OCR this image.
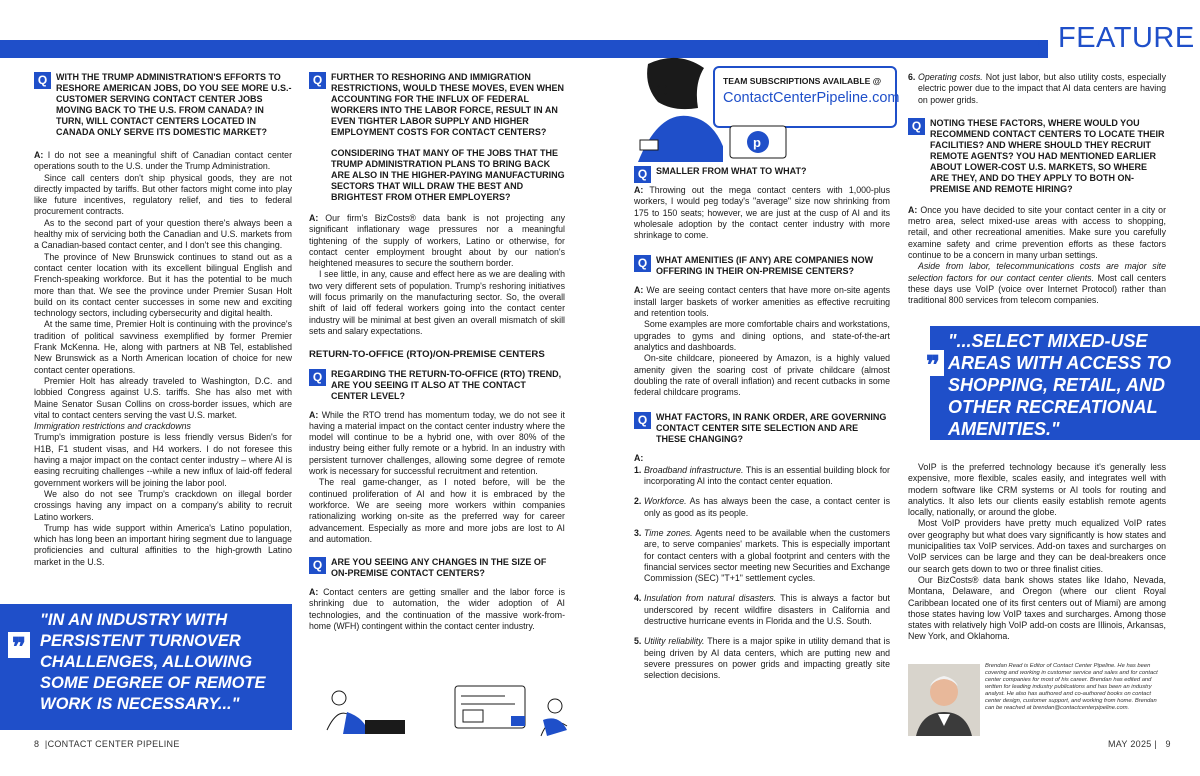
FEATURE
Q WITH THE TRUMP ADMINISTRATION'S EFFORTS TO RESHORE AMERICAN JOBS, DO YOU SEE MORE U.S.-CUSTOMER SERVING CONTACT CENTER JOBS MOVING BACK TO THE U.S. FROM CANADA? IN TURN, WILL CONTACT CENTERS LOCATED IN CANADA ONLY SERVE ITS DOMESTIC MARKET?

A: I do not see a meaningful shift of Canadian contact center operations south to the U.S. under the Trump Administration.

Since call centers don't ship physical goods, they are not directly impacted by tariffs. But other factors might come into play like future incentives, regulatory relief, and ties to federal procurement contracts.

As to the second part of your question there's always been a healthy mix of servicing both the Canadian and U.S. markets from a Canadian-based contact center, and I don't see this changing.

The province of New Brunswick continues to stand out as a contact center location with its excellent bilingual English and French-speaking workforce. But it has the potential to be much more than that. We see the province under Premier Susan Holt build on its contact center successes in some new and exciting technology sectors, including cybersecurity and digital health.

At the same time, Premier Holt is continuing with the province's tradition of political savviness exemplified by former Premier Frank McKenna. He, along with partners at NB Tel, established New Brunswick as a North American location of choice for new contact center operations.

Premier Holt has already traveled to Washington, D.C. and lobbied Congress against U.S. tariffs. She has also met with Maine Senator Susan Collins on cross-border issues, which are vital to contact centers serving the vast U.S. market.

Immigration restrictions and crackdowns

Trump's immigration posture is less friendly versus Biden's for H1B, F1 student visas, and H4 workers. I do not foresee this having a major impact on the contact center industry – where AI is easing recruiting challenges --while a new influx of laid-off federal government workers will be joining the labor pool.

We also do not see Trump's crackdown on illegal border crossings having any impact on a company's ability to recruit Latino workers.

Trump has wide support within America's Latino population, which has long been an important hiring segment due to language proficiencies and cultural affinities to the high-growth Latino market in the U.S.

"IN AN INDUSTRY WITH PERSISTENT TURNOVER CHALLENGES, ALLOWING SOME DEGREE OF REMOTE WORK IS NECESSARY..."
❞
Q FURTHER TO RESHORING AND IMMIGRATION RESTRICTIONS, WOULD THESE MOVES, EVEN WHEN ACCOUNTING FOR THE INFLUX OF FEDERAL WORKERS INTO THE LABOR FORCE, RESULT IN AN EVEN TIGHTER LABOR SUPPLY AND HIGHER EMPLOYMENT COSTS FOR CONTACT CENTERS?
CONSIDERING THAT MANY OF THE JOBS THAT THE TRUMP ADMINISTRATION PLANS TO BRING BACK ARE ALSO IN THE HIGHER-PAYING MANUFACTURING SECTORS THAT WILL DRAW THE BEST AND BRIGHTEST FROM OTHER EMPLOYERS?

A: Our firm's BizCosts® data bank is not projecting any significant inflationary wage pressures nor a meaningful tightening of the supply of workers, Latino or otherwise, for contact center employment brought about by our nation's heightened measures to secure the southern border.

I see little, in any, cause and effect here as we are dealing with two very different sets of population. Trump's reshoring initiatives will focus primarily on the manufacturing sector. So, the overall shift of laid off federal workers going into the contact center industry will be minimal at best given an overall mismatch of skill sets and salary expectations.

RETURN-TO-OFFICE (RTO)/ON-PREMISE CENTERS
Q REGARDING THE RETURN-TO-OFFICE (RTO) TREND, ARE YOU SEEING IT ALSO AT THE CONTACT CENTER LEVEL?

A: While the RTO trend has momentum today, we do not see it having a material impact on the contact center industry where the model will continue to be a hybrid one, with over 80% of the industry being either fully remote or a hybrid. In an industry with persistent turnover challenges, allowing some degree of remote work is necessary for successful recruitment and retention.

The real game-changer, as I noted before, will be the continued proliferation of AI and how it is embraced by the workforce. We are seeing more workers within companies rationalizing working on-site as the preferred way for career advancement. Especially as more and more jobs are lost to AI and automation.

Q ARE YOU SEEING ANY CHANGES IN THE SIZE OF ON-PREMISE CONTACT CENTERS?

A: Contact centers are getting smaller and the labor force is shrinking due to automation, the wider adoption of AI technologies, and the continuation of the massive work-from-home (WFH) contingent within the contact center industry.

TEAM SUBSCRIPTIONS AVAILABLE @
ContactCenterPipeline.com
p
Q SMALLER FROM WHAT TO WHAT?

A: Throwing out the mega contact centers with 1,000-plus workers, I would peg today's "average" size now shrinking from 175 to 150 seats; however, we are just at the cusp of AI and its wholesale adoption by the contact center industry with more shrinkage to come.

Q WHAT AMENITIES (IF ANY) ARE COMPANIES NOW OFFERING IN THEIR ON-PREMISE CENTERS?

A: We are seeing contact centers that have more on-site agents install larger baskets of worker amenities as effective recruiting and retention tools.

Some examples are more comfortable chairs and workstations, upgrades to gyms and dining options, and state-of-the-art analytics and dashboards.

On-site childcare, pioneered by Amazon, is a highly valued amenity given the soaring cost of private childcare (almost doubling the rate of overall inflation) and recent cutbacks in some federal childcare programs.

Q WHAT FACTORS, IN RANK ORDER, ARE GOVERNING CONTACT CENTER SITE SELECTION AND ARE THESE CHANGING?

A:

1. Broadband infrastructure. This is an essential building block for incorporating AI into the contact center equation.
2. Workforce. As has always been the case, a contact center is only as good as its people.
3. Time zones. Agents need to be available when the customers are, to serve companies' markets. This is especially important for contact centers with a global footprint and centers with the financial services sector meeting new Securities and Exchange Commission (SEC) "T+1" settlement cycles.
4. Insulation from natural disasters. This is always a factor but underscored by recent wildfire disasters in California and destructive hurricane events in Florida and the U.S. South.
5. Utility reliability. There is a major spike in utility demand that is being driven by AI data centers, which are putting new and severe pressures on power grids and impacting greatly site selection decisions.
6. Operating costs. Not just labor, but also utility costs, especially electric power due to the impact that AI data centers are having on power grids.
Q NOTING THESE FACTORS, WHERE WOULD YOU RECOMMEND CONTACT CENTERS TO LOCATE THEIR FACILITIES? AND WHERE SHOULD THEY RECRUIT REMOTE AGENTS? YOU HAD MENTIONED EARLIER ABOUT LOWER-COST U.S. MARKETS, SO WHERE ARE THEY, AND DO THEY APPLY TO BOTH ON-PREMISE AND REMOTE HIRING?

A: Once you have decided to site your contact center in a city or metro area, select mixed-use areas with access to shopping, retail, and other recreational amenities. Make sure you carefully examine safety and crime prevention efforts as these factors continue to be a concern in many urban settings.

Aside from labor, telecommunications costs are major site selection factors for our contact center clients. Most call centers these days use VoIP (voice over Internet Protocol) rather than traditional 800 services from telecom companies.

"...SELECT MIXED-USE AREAS WITH ACCESS TO SHOPPING, RETAIL, AND OTHER RECREATIONAL AMENITIES."
❞

VoIP is the preferred technology because it's generally less expensive, more flexible, scales easily, and integrates well with modern software like CRM systems or AI tools for routing and analytics. It also lets our clients easily establish remote agents locally, nationally, or around the globe.

Most VoIP providers have pretty much equalized VoIP rates over geography but what does vary significantly is how states and municipalities tax VoIP services. Add-on taxes and surcharges on VoIP services can be large and they can be deal-breakers once our search gets down to two or three finalist cities.

Our BizCosts® data bank shows states like Idaho, Nevada, Montana, Delaware, and Oregon (where our client Royal Caribbean located one of its first centers out of Miami) are among those states having low VoIP taxes and surcharges. Among those states with relatively high VoIP add-on costs are Illinois, Arkansas, New York, and Oklahoma.

Brendan Read is Editor of Contact Center Pipeline. He has been covering and working in customer service and sales and for contact center companies for most of his career. Brendan has edited and written for leading industry publications and has been an industry analyst. He also has authored and co-authored books on contact center design, customer support, and working from home. Brendan can be reached at brendan@contactcenterpipeline.com.
8  |CONTACT CENTER PIPELINE	MAY 2025 |   9
